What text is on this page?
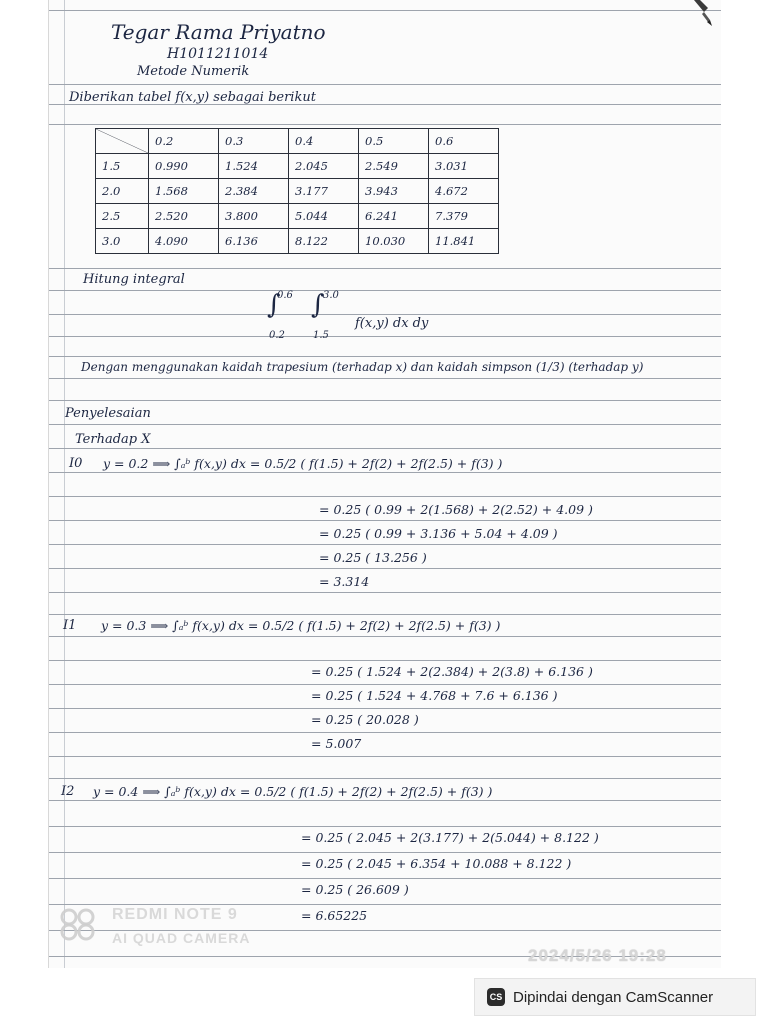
Tegar Rama Priyatno
H1011211014
Metode Numerik
Diberikan tabel f(x,y) sebagai berikut
Hitung integral
∫
0.6
0.2
∫
3.0
1.5
f(x,y) dx dy
Dengan menggunakan kaidah trapesium (terhadap x) dan kaidah simpson (1/3) (terhadap y)
Penyelesaian
Terhadap X
I0 y = 0.2 ⟹ ∫ₐᵇ f(x,y) dx = 0.5/2 ( f(1.5) + 2f(2) + 2f(2.5) + f(3) )
= 0.25 ( 0.99 + 2(1.568) + 2(2.52) + 4.09 )
= 0.25 ( 0.99 + 3.136 + 5.04 + 4.09 )
= 0.25 ( 13.256 )
= 3.314
I1 y = 0.3 ⟹ ∫ₐᵇ f(x,y) dx = 0.5/2 ( f(1.5) + 2f(2) + 2f(2.5) + f(3) )
= 0.25 ( 1.524 + 2(2.384) + 2(3.8) + 6.136 )
= 0.25 ( 1.524 + 4.768 + 7.6 + 6.136 )
= 0.25 ( 20.028 )
= 5.007
I2 y = 0.4 ⟹ ∫ₐᵇ f(x,y) dx = 0.5/2 ( f(1.5) + 2f(2) + 2f(2.5) + f(3) )
= 0.25 ( 2.045 + 2(3.177) + 2(5.044) + 8.122 )
= 0.25 ( 2.045 + 6.354 + 10.088 + 8.122 )
= 0.25 ( 26.609 )
= 6.65225
	0.2	0.3	0.4	0.5	0.6
1.5	0.990	1.524	2.045	2.549	3.031
2.0	1.568	2.384	3.177	3.943	4.672
2.5	2.520	3.800	5.044	6.241	7.379
3.0	4.090	6.136	8.122	10.030	11.841
REDMI NOTE 9
AI QUAD CAMERA
2024/5/26 19:28
CS Dipindai dengan CamScanner
